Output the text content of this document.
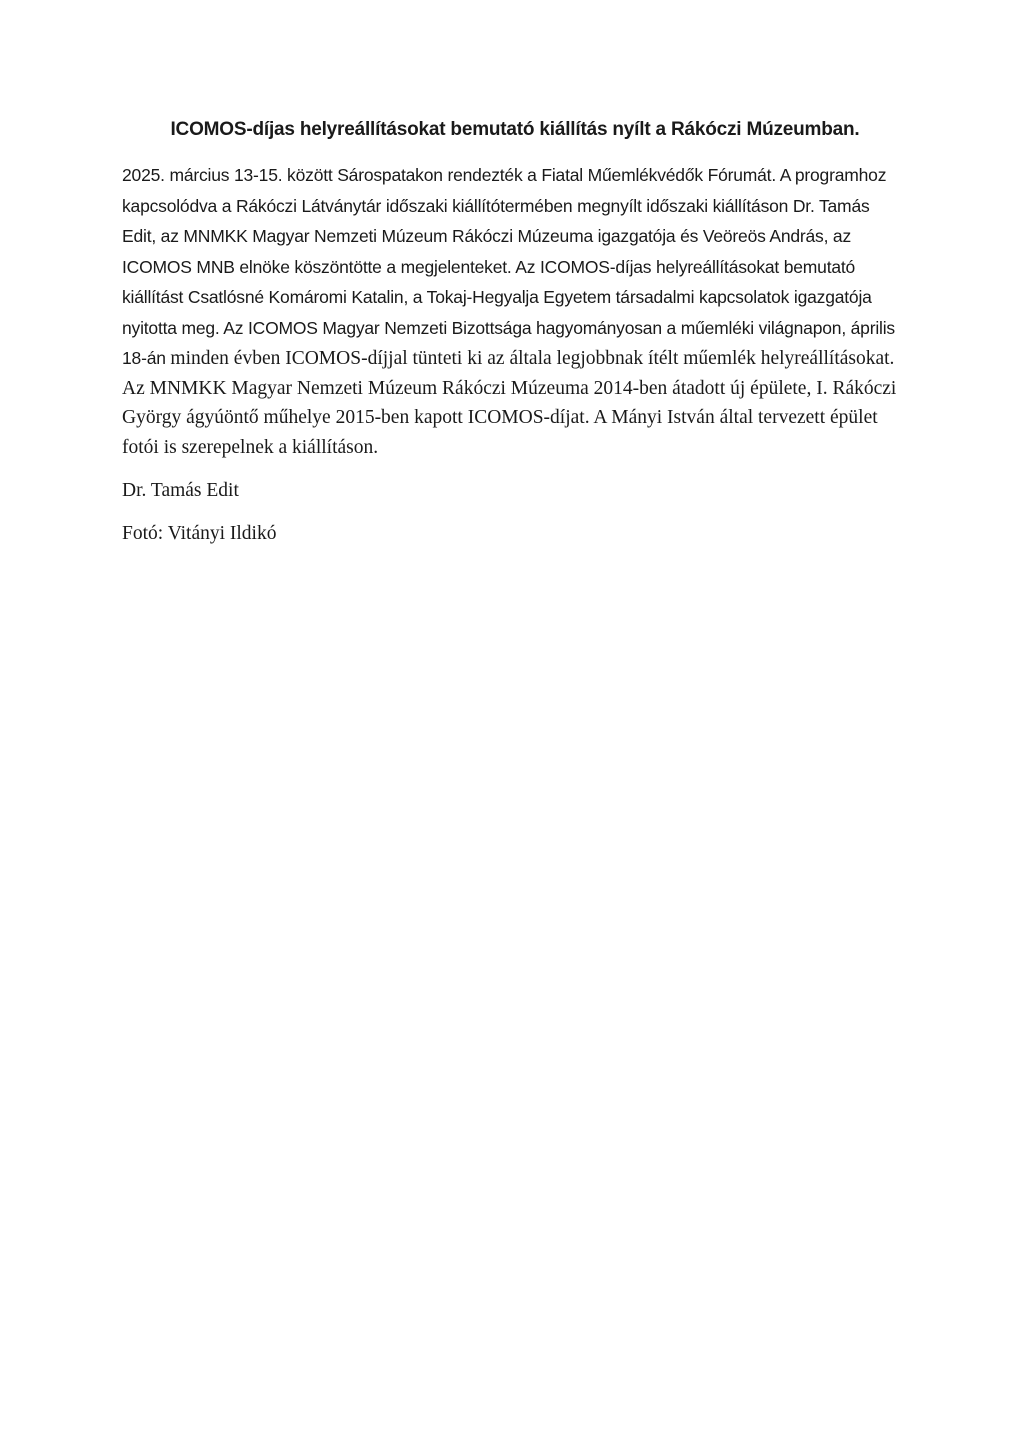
ICOMOS-díjas helyreállításokat bemutató kiállítás nyílt a Rákóczi Múzeumban.

2025. március 13-15. között Sárospatakon rendezték a Fiatal Műemlékvédők Fórumát. A programhoz kapcsolódva a Rákóczi Látványtár időszaki kiállítótermében megnyílt időszaki kiállításon Dr. Tamás Edit, az MNMKK Magyar Nemzeti Múzeum Rákóczi Múzeuma igazgatója és Veöreös András, az ICOMOS MNB elnöke köszöntötte a megjelenteket. Az ICOMOS-díjas helyreállításokat bemutató kiállítást Csatlósné Komáromi Katalin, a Tokaj-Hegyalja Egyetem társadalmi kapcsolatok igazgatója nyitotta meg. Az ICOMOS Magyar Nemzeti Bizottsága hagyományosan a műemléki világnapon, április 18-án minden évben ICOMOS-díjjal tünteti ki az általa legjobbnak ítélt műemlék helyreállításokat. Az MNMKK Magyar Nemzeti Múzeum Rákóczi Múzeuma 2014-ben átadott új épülete, I. Rákóczi György ágyúöntő műhelye 2015-ben kapott ICOMOS-díjat. A Mányi István által tervezett épület fotói is szerepelnek a kiállításon.

Dr. Tamás Edit

Fotó: Vitányi Ildikó
